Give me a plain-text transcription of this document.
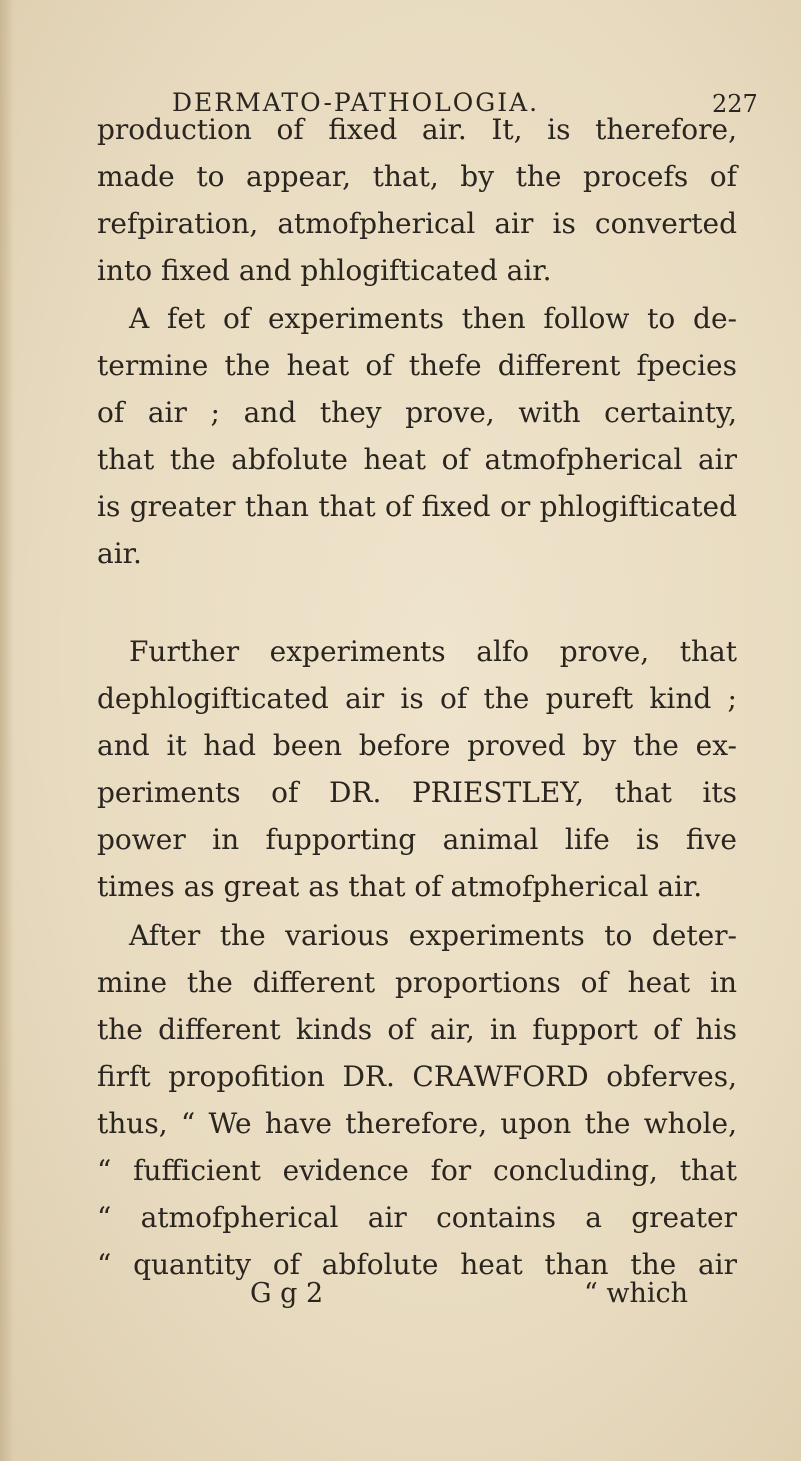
DERMATO-PATHOLOGIA.	227
production of fixed air. It, is therefore,
made to appear, that, by the procefs of
refpiration, atmofpherical air is converted
into fixed and phlogifticated air.
A fet of experiments then follow to de-
termine the heat of thefe different fpecies
of air ; and they prove, with certainty,
that the abfolute heat of atmofpherical air
is greater than that of fixed or phlogifticated
air.
Further experiments alfo prove, that
dephlogifticated air is of the pureft kind ;
and it had been before proved by the ex-
periments of DR. PRIESTLEY, that its
power in fupporting animal life is five
times as great as that of atmofpherical air.
After the various experiments to deter-
mine the different proportions of heat in
the different kinds of air, in fupport of his
firft propofition DR. CRAWFORD obferves,
thus, “ We have therefore, upon the whole,
“ fufficient evidence for concluding, that
“ atmofpherical air contains a greater
“ quantity of abfolute heat than the air
G g 2	“ which
